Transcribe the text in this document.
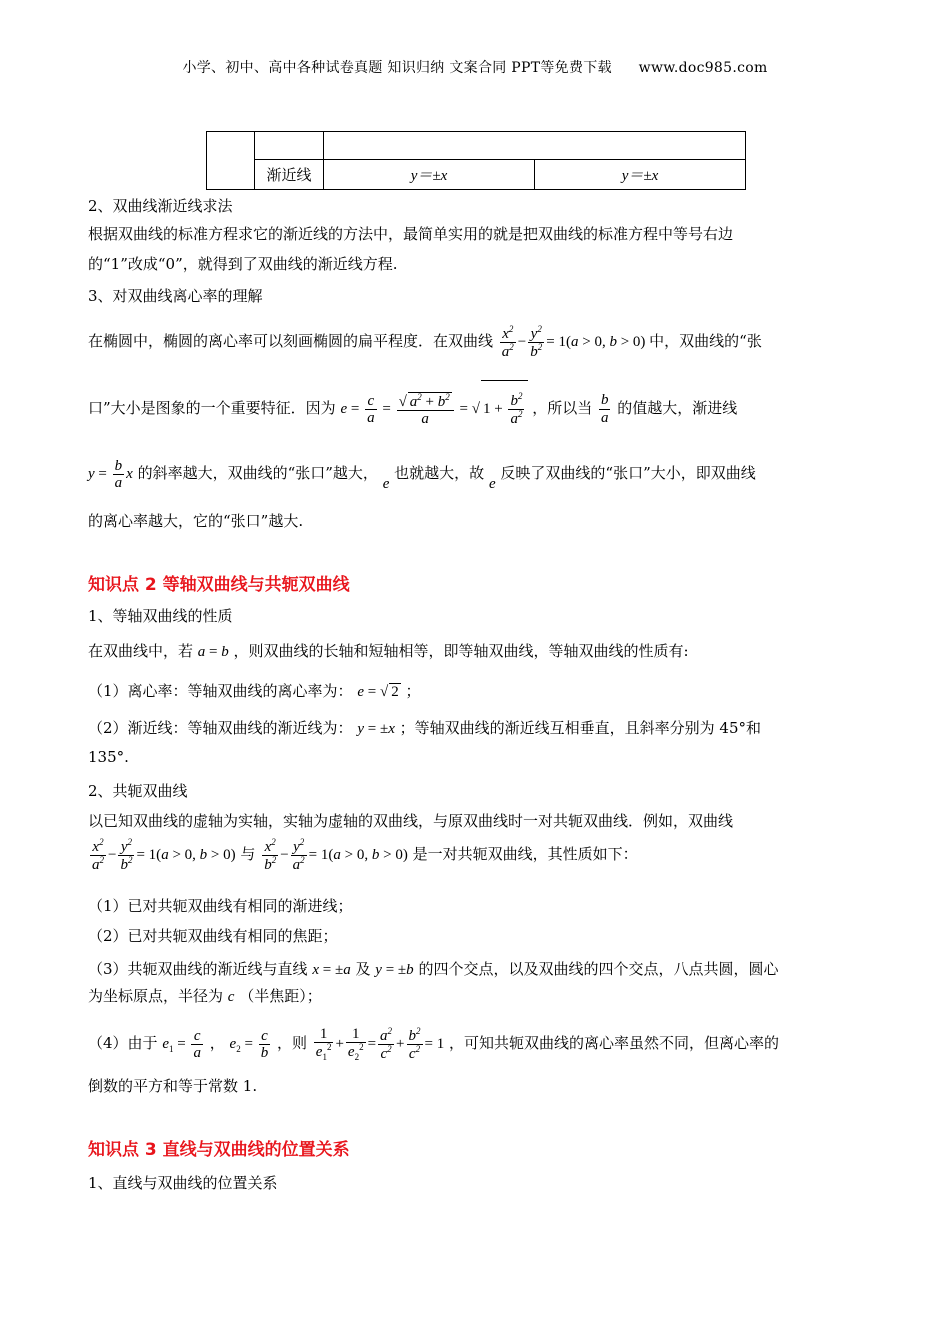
小学、初中、高中各种试卷真题 知识归纳 文案合同 PPT等免费下载 www.doc985.com

	渐近线	y＝±x	y＝±x
2、双曲线渐近线求法
根据双曲线的标准方程求它的渐近线的方法中，最简单实用的就是把双曲线的标准方程中等号右边
的“1”改成“0”，就得到了双曲线的渐近线方程.
3、对双曲线离心率的理解
在椭圆中，椭圆的离心率可以刻画椭圆的扁平程度．在双曲线 $\frac{x^2}{a^2} - \frac{y^2}{b^2} = 1(a > 0$, b > 0) 中，双曲线的“张
口”大小是图象的一个重要特征．因为 $e = \frac{c}{a} = \frac{√ a^2 + b^2}{a}$ = √ $1 + \frac{b^2}{a^2}$ ，所以当 $\frac{b}{a}$ 的值越大，渐进线
$y = \frac{b}{a}$ x 的斜率越大，双曲线的“张口”越大， e 也就越大，故 e 反映了双曲线的“张口”大小，即双曲线
的离心率越大，它的“张口”越大.
知识点 2 等轴双曲线与共轭双曲线
1、等轴双曲线的性质
在双曲线中，若 a = b ，则双曲线的长轴和短轴相等，即等轴双曲线，等轴双曲线的性质有:
（1）离心率：等轴双曲线的离心率为： e = √ 2 ；
（2）渐近线：等轴双曲线的渐近线为： y = ±x ；等轴双曲线的渐近线互相垂直，且斜率分别为 45°和
135°.
2、共轭双曲线
以已知双曲线的虚轴为实轴，实轴为虚轴的双曲线，与原双曲线时一对共轭双曲线．例如，双曲线
$\frac{x^2}{a^2} - \frac{y^2}{b^2} = 1(a > 0$, b > 0) 与 $\frac{x^2}{b^2} - \frac{y^2}{a^2} = 1(a > 0$, b > 0) 是一对共轭双曲线，其性质如下：
（1）已对共轭双曲线有相同的渐进线；
（2）已对共轭双曲线有相同的焦距；
（3）共轭双曲线的渐近线与直线 x = ±a 及 y = ±b 的四个交点，以及双曲线的四个交点，八点共圆，圆心
为坐标原点，半径为 c （半焦距）；
（4）由于 $e_1 = \frac{c}{a}$ ， $e_2 = \frac{c}{b}$ ，则 $\frac{1}{e_1^2} + \frac{1}{e_2^2} = \frac{a^2}{c^2} + \frac{b^2}{c^2} = 1$ ，可知共轭双曲线的离心率虽然不同，但离心率的
倒数的平方和等于常数 1.
知识点 3 直线与双曲线的位置关系
1、直线与双曲线的位置关系
